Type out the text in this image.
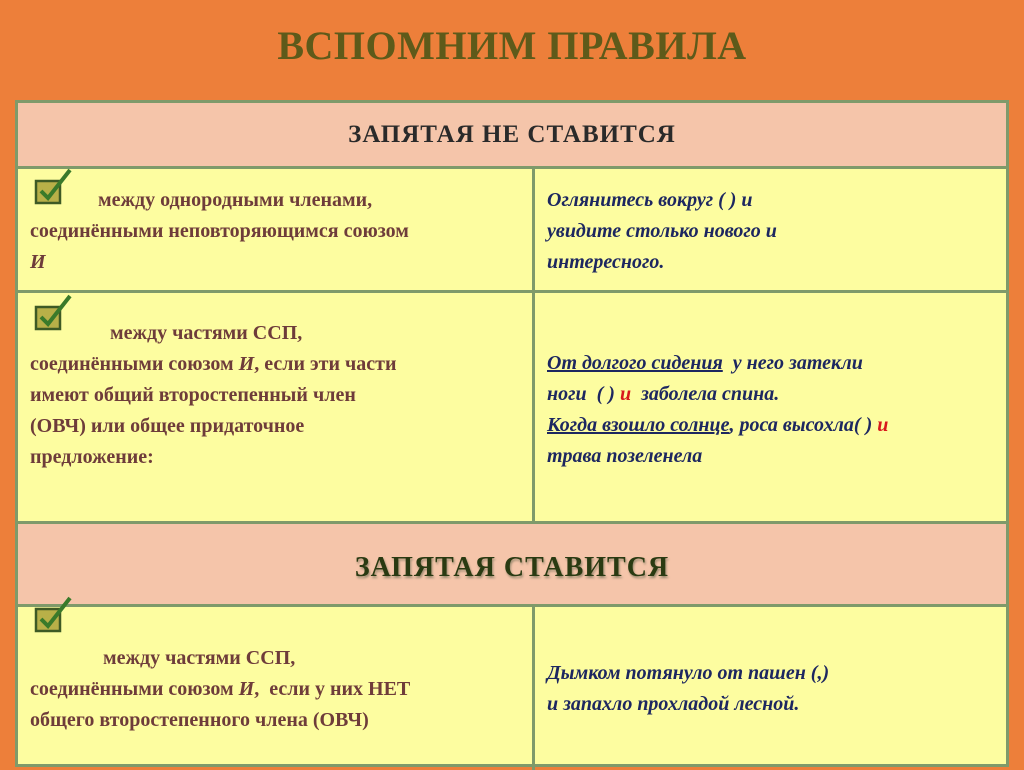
ВСПОМНИМ ПРАВИЛА
ЗАПЯТАЯ НЕ СТАВИТСЯ
между однородными членами,
соединёнными неповторяющимся союзом
И
Оглянитесь вокруг ( ) и
увидите столько нового и
интересного.
между частями ССП,
соединёнными союзом И, если эти части
имеют общий второстепенный член
(ОВЧ) или общее придаточное
предложение:
От долгого сидения  у него затекли
ноги  ( ) и  заболела спина.
Когда взошло солнце, роса высохла( ) и
трава позеленела
ЗАПЯТАЯ СТАВИТСЯ
между частями ССП,
соединёнными союзом И,  если у них НЕТ
общего второстепенного члена (ОВЧ)
Дымком потянуло от пашен (,)
и запахло прохладой лесной.
